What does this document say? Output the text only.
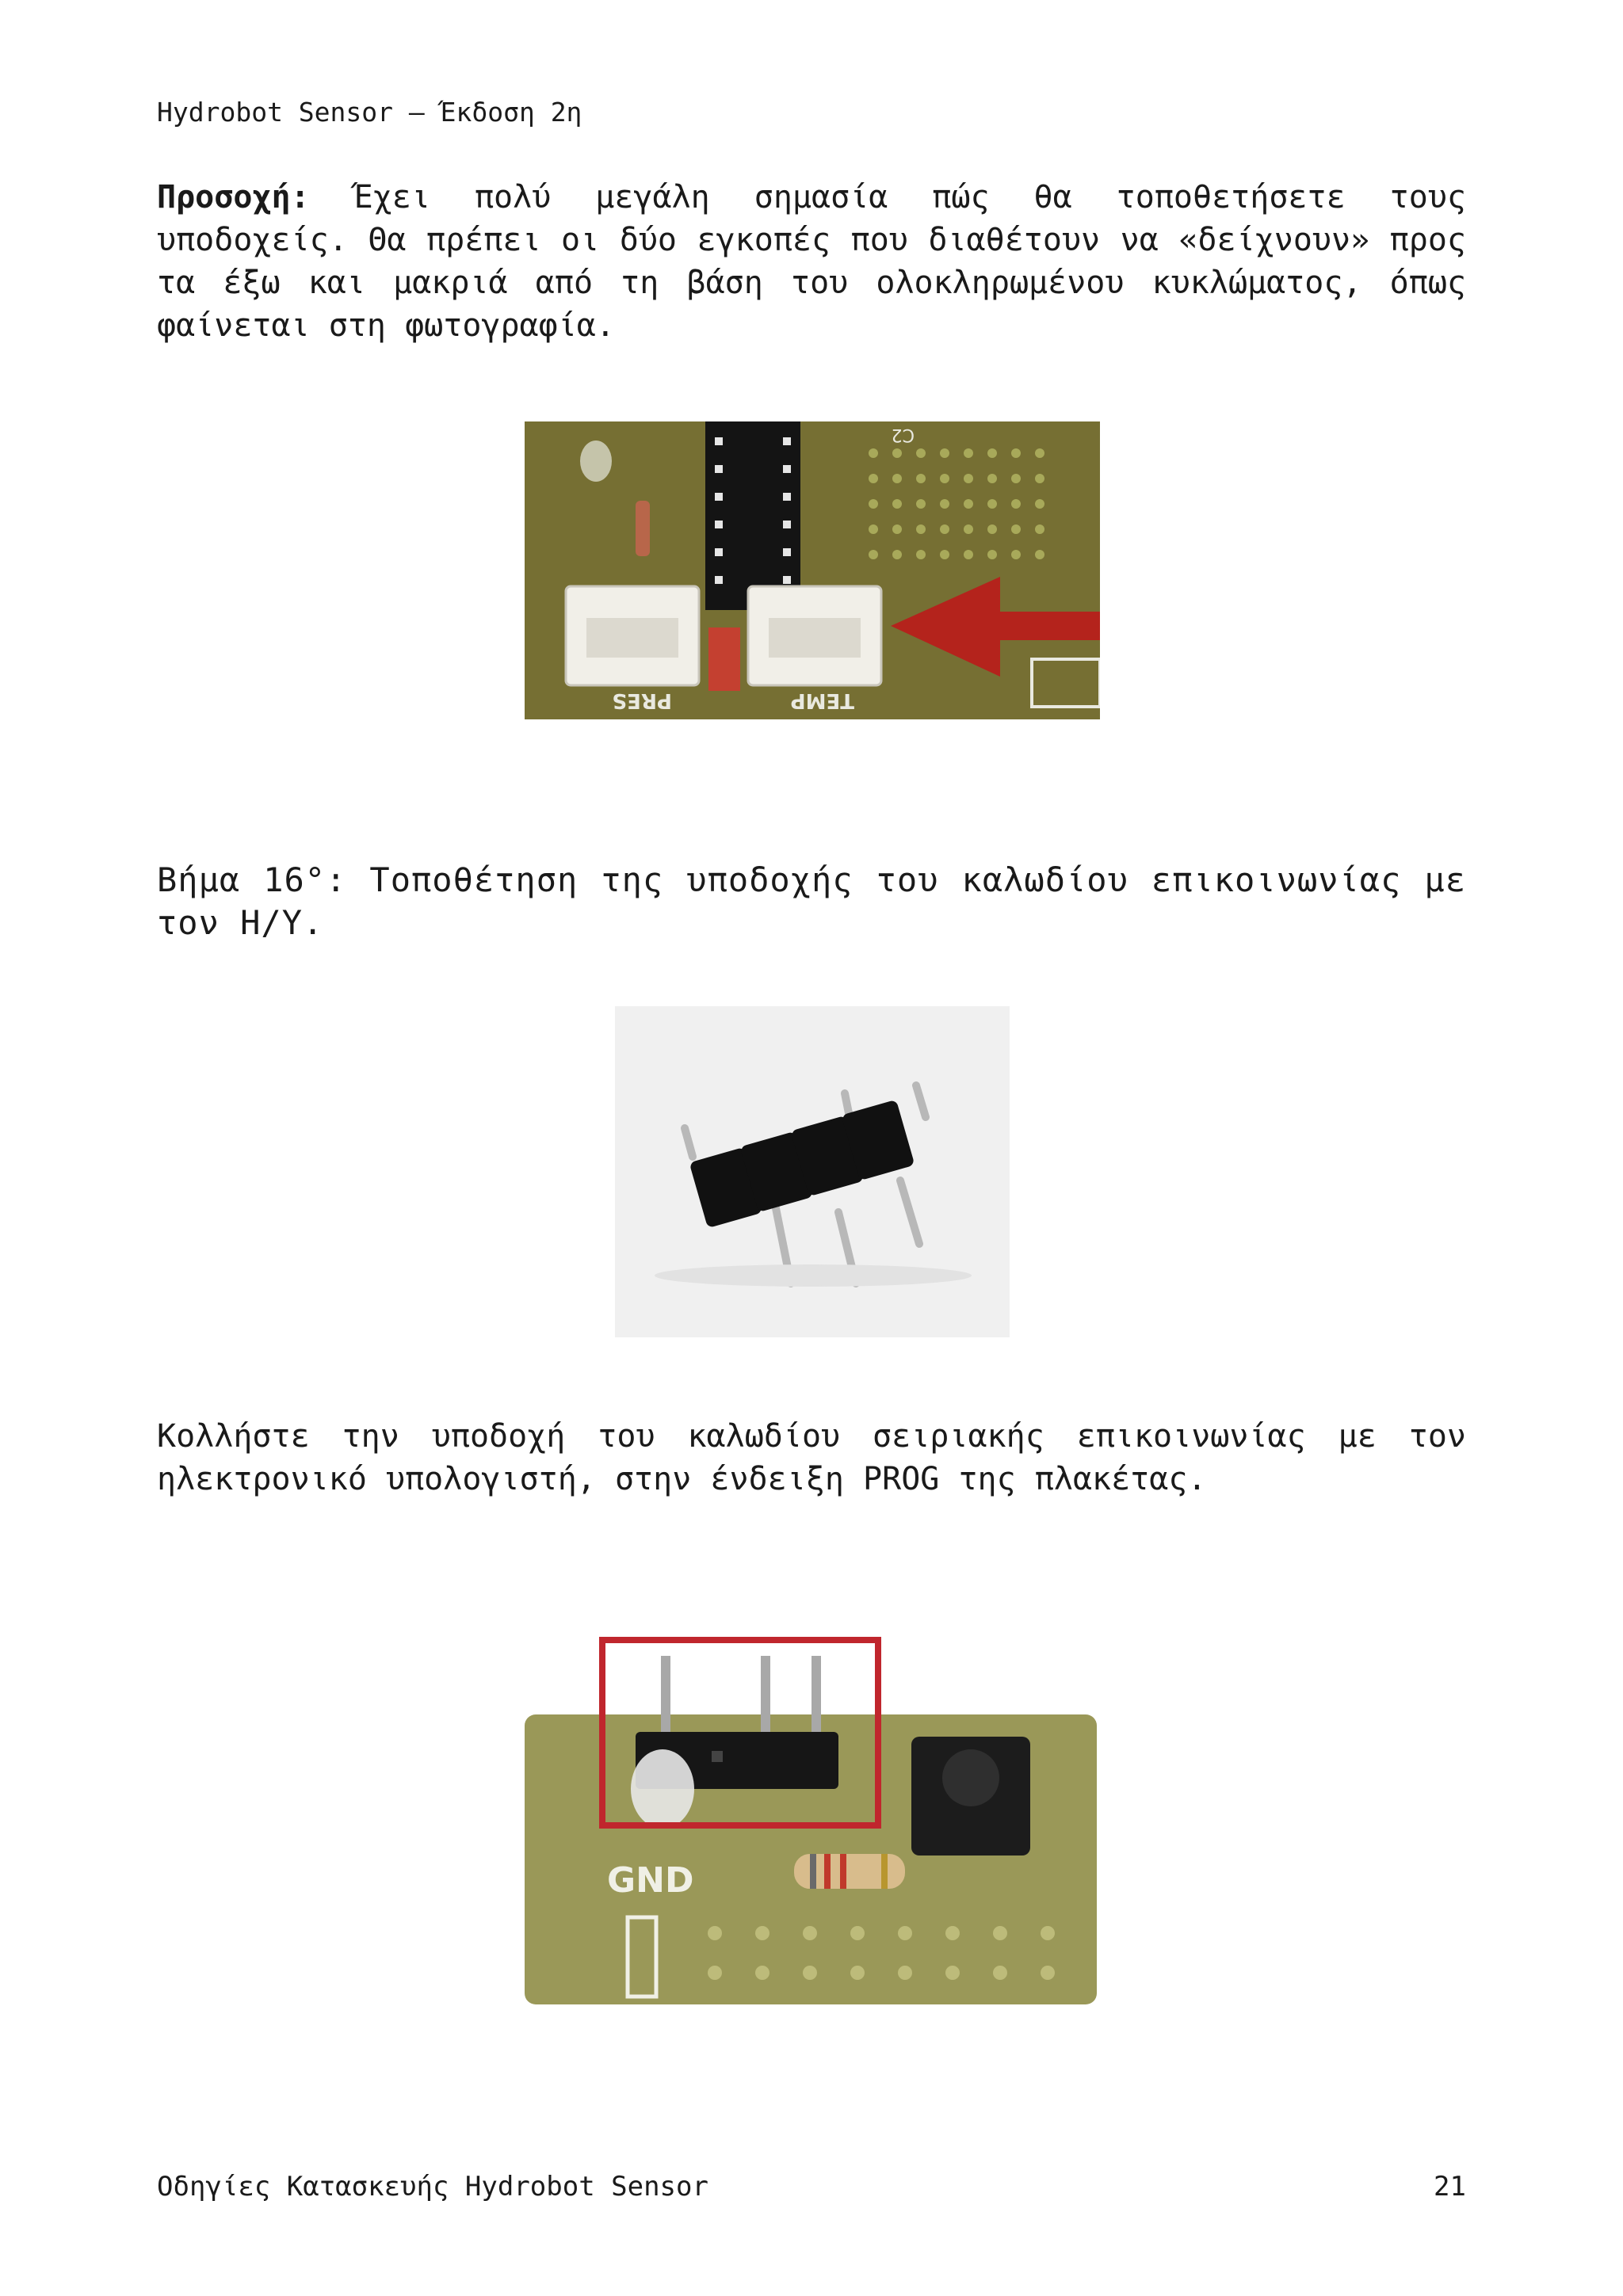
Hydrobot Sensor – Έκδοση 2η
Προσοχή: Έχει πολύ μεγάλη σημασία πώς θα τοποθετήσετε τους υποδοχείς. Θα πρέπει οι δύο εγκοπές που διαθέτουν να «δείχνουν» προς τα έξω και μακριά από τη βάση του ολοκληρωμένου κυκλώματος, όπως φαίνεται στη φωτογραφία.
PRES	TEMP
C2
Βήμα 16°: Τοποθέτηση της υποδοχής του καλωδίου επικοινωνίας με τον Η/Υ.
Κολλήστε την υποδοχή του καλωδίου σειριακής επικοινωνίας με τον ηλεκτρονικό υπολογιστή, στην ένδειξη PROG της πλακέτας.
GND
Οδηγίες Κατασκευής Hydrobot Sensor	21
